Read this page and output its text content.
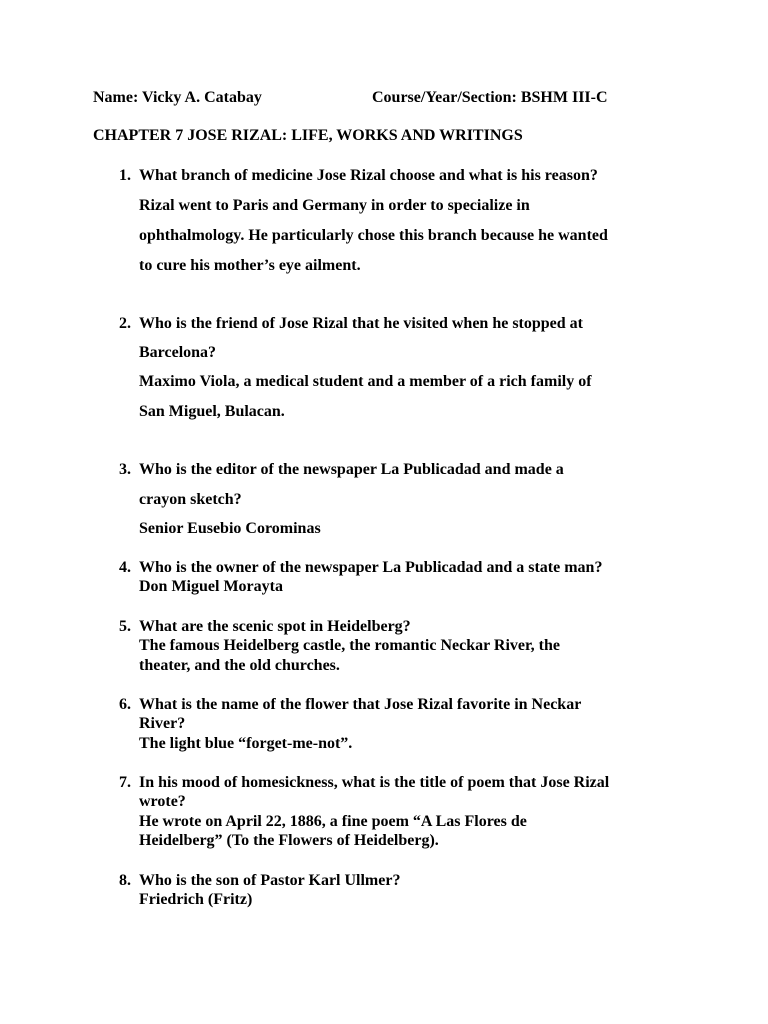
Name: Vicky A. Catabay	Course/Year/Section: BSHM III-C
CHAPTER 7 JOSE RIZAL: LIFE, WORKS AND WRITINGS
1. What branch of medicine Jose Rizal choose and what is his reason?
Rizal went to Paris and Germany in order to specialize in
ophthalmology. He particularly chose this branch because he wanted
to cure his mother’s eye ailment.
2. Who is the friend of Jose Rizal that he visited when he stopped at
Barcelona?
Maximo Viola, a medical student and a member of a rich family of
San Miguel, Bulacan.
3. Who is the editor of the newspaper La Publicadad and made a
crayon sketch?
Senior Eusebio Corominas
4. Who is the owner of the newspaper La Publicadad and a state man?
Don Miguel Morayta
5. What are the scenic spot in Heidelberg?
The famous Heidelberg castle, the romantic Neckar River, the
theater, and the old churches.
6. What is the name of the flower that Jose Rizal favorite in Neckar
River?
The light blue “forget-me-not”.
7. In his mood of homesickness, what is the title of poem that Jose Rizal
wrote?
He wrote on April 22, 1886, a fine poem “A Las Flores de
Heidelberg” (To the Flowers of Heidelberg).
8. Who is the son of Pastor Karl Ullmer?
Friedrich (Fritz)
